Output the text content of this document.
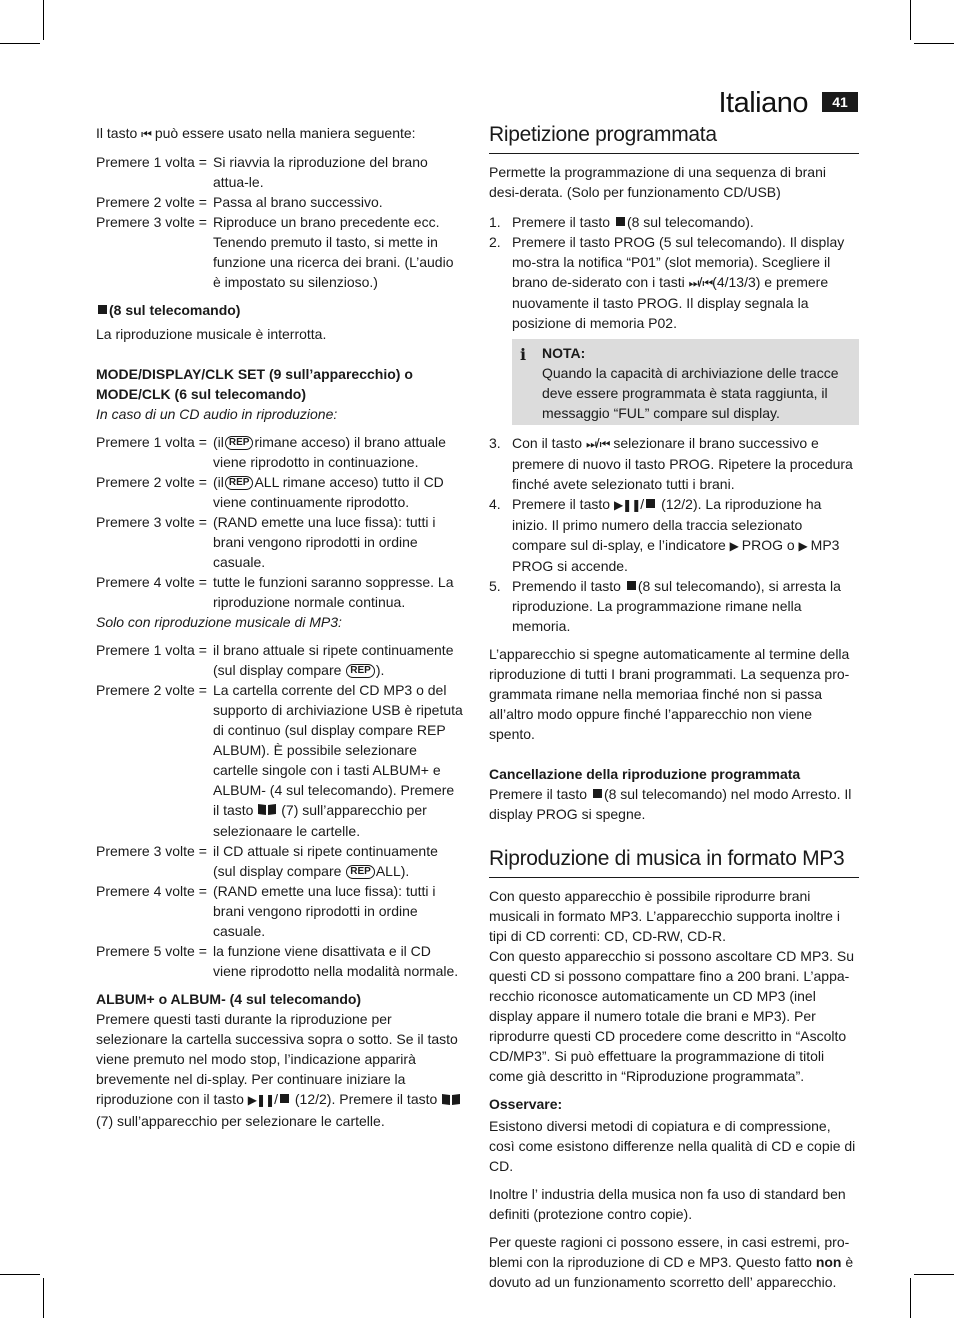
Italiano	41

Il tasto ⏮ può essere usato nella maniera seguente:

Premere 1 volta = Si riavvia la riproduzione del brano attua-le.
Premere 2 volte = Passa al brano successivo.
Premere 3 volte = Riproduce un brano precedente ecc. Tenendo premuto il tasto, si mette in funzione una ricerca dei brani. (L’audio è impostato su silenzioso.)

(8 sul telecomando)

La riproduzione musicale è interrotta.

MODE/DISPLAY/CLK SET (9 sull’apparecchio) o
MODE/CLK (6 sul telecomando)

In caso di un CD audio in riproduzione:

Premere 1 volta = (il REP rimane acceso) il brano attuale viene riprodotto in continuazione.
Premere 2 volte = (il REP ALL rimane acceso) tutto il CD viene continuamente riprodotto.
Premere 3 volte = (RAND emette una luce fissa): tutti i brani vengono riprodotti in ordine casuale.
Premere 4 volte = tutte le funzioni saranno soppresse. La riproduzione normale continua.

Solo con riproduzione musicale di MP3:

Premere 1 volta = il brano attuale si ripete continuamente (sul display compare REP ).
Premere 2 volte = La cartella corrente del CD MP3 o del supporto di archiviazione USB è ripetuta di continuo (sul display compare REP ALBUM). È possibile selezionare cartelle singole con i tasti ALBUM+ e ALBUM- (4 sul telecomando). Premere il tasto (7) sull’apparecchio per selezionaare le cartelle.
Premere 3 volte = il CD attuale si ripete continuamente (sul display compare REP ALL).
Premere 4 volte = (RAND emette una luce fissa): tutti i brani vengono riprodotti in ordine casuale.
Premere 5 volte = la funzione viene disattivata e il CD viene riprodotto nella modalità normale.

ALBUM+ o ALBUM- (4 sul telecomando)

Premere questi tasti durante la riproduzione per selezionare la cartella successiva sopra o sotto. Se il tasto viene premuto nel modo stop, l’indicazione apparirà brevemente nel di-splay. Per continuare iniziare la riproduzione con il tasto ▶❚❚/ (12/2). Premere il tasto  (7) sull’apparecchio per selezionare le cartelle.

Ripetizione programmata

Permette la programmazione di una sequenza di brani desi-derata. (Solo per funzionamento CD/USB)

1. Premere il tasto (8 sul telecomando).
2. Premere il tasto PROG (5 sul telecomando). Il display mo-stra la notifica “P01” (slot memoria). Scegliere il brano de-siderato con i tasti ⏭/⏮(4/13/3) e premere nuovamente il tasto PROG. Il display segnala la posizione di memoria P02.
i NOTA:

Quando la capacità di archiviazione delle tracce deve essere programmata è stata raggiunta, il messaggio “FUL” compare sul display.

3. Con il tasto ⏭/⏮ selezionare il brano successivo e premere di nuovo il tasto PROG. Ripetere la procedura finché avete selezionato tutti i brani.
4. Premere il tasto ▶❚❚/ (12/2). La riproduzione ha inizio. Il primo numero della traccia selezionato compare sul di-splay, e l’indicatore ▶ PROG o ▶ MP3 PROG si accende.
5. Premendo il tasto (8 sul telecomando), si arresta la riproduzione. La programmazione rimane nella memoria.

L’apparecchio si spegne automaticamente al termine della riproduzione di tutti I brani programmati. La sequenza pro-grammata rimane nella memoriaa finché non si passa all’altro modo oppure finché l’apparecchio non viene spento.

Cancellazione della riproduzione programmata

Premere il tasto (8 sul telecomando) nel modo Arresto. Il display PROG si spegne.

Riproduzione di musica in formato MP3

Con questo apparecchio è possibile riprodurre brani musicali in formato MP3. L’apparecchio supporta inoltre i tipi di CD correnti: CD, CD-RW, CD-R.

Con questo apparecchio si possono ascoltare CD MP3. Su questi CD si possono compattare fino a 200 brani. L’appa-recchio riconosce automaticamente un CD MP3 (inel display appare il numero totale die brani e MP3). Per riprodurre questi CD procedere come descritto in “Ascolto CD/MP3”. Si può effettuare la programmazione di titoli come già descritto in “Riproduzione programmata”.

Osservare:

Esistono diversi metodi di copiatura e di compressione, così come esistono differenze nella qualità di CD e copie di CD.

Inoltre l’ industria della musica non fa uso di standard ben definiti (protezione contro copie).

Per queste ragioni ci possono essere, in casi estremi, pro-blemi con la riproduzione di CD e MP3. Questo fatto non è dovuto ad un funzionamento scorretto dell’ apparecchio.
